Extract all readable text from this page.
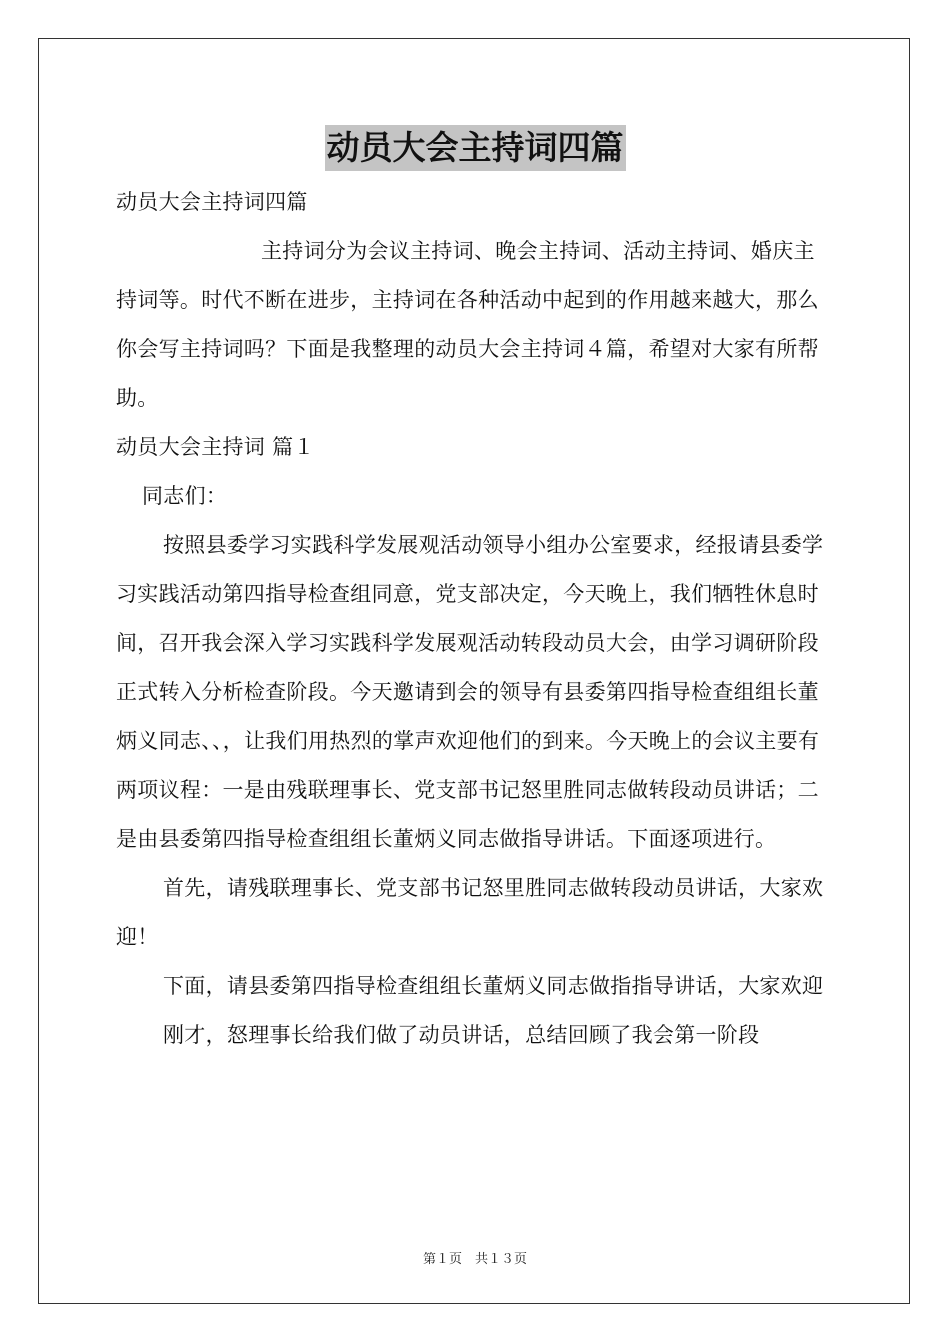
动员大会主持词四篇

动员大会主持词四篇

主持词分为会议主持词、晚会主持词、活动主持词、婚庆主持词等。时代不断在进步，主持词在各种活动中起到的作用越来越大，那么你会写主持词吗？下面是我整理的动员大会主持词４篇，希望对大家有所帮助。

动员大会主持词 篇１

同志们：

按照县委学习实践科学发展观活动领导小组办公室要求，经报请县委学习实践活动第四指导检查组同意，党支部决定，今天晚上，我们牺牲休息时间，召开我会深入学习实践科学发展观活动转段动员大会，由学习调研阶段正式转入分析检查阶段。今天邀请到会的领导有县委第四指导检查组组长董炳义同志、、，让我们用热烈的掌声欢迎他们的到来。今天晚上的会议主要有两项议程：一是由残联理事长、党支部书记怒里胜同志做转段动员讲话；二是由县委第四指导检查组组长董炳义同志做指导讲话。下面逐项进行。

首先，请残联理事长、党支部书记怒里胜同志做转段动员讲话，大家欢迎！

下面，请县委第四指导检查组组长董炳义同志做指指导讲话，大家欢迎

刚才，怒理事长给我们做了动员讲话，总结回顾了我会第一阶段

第１页　共１３页
